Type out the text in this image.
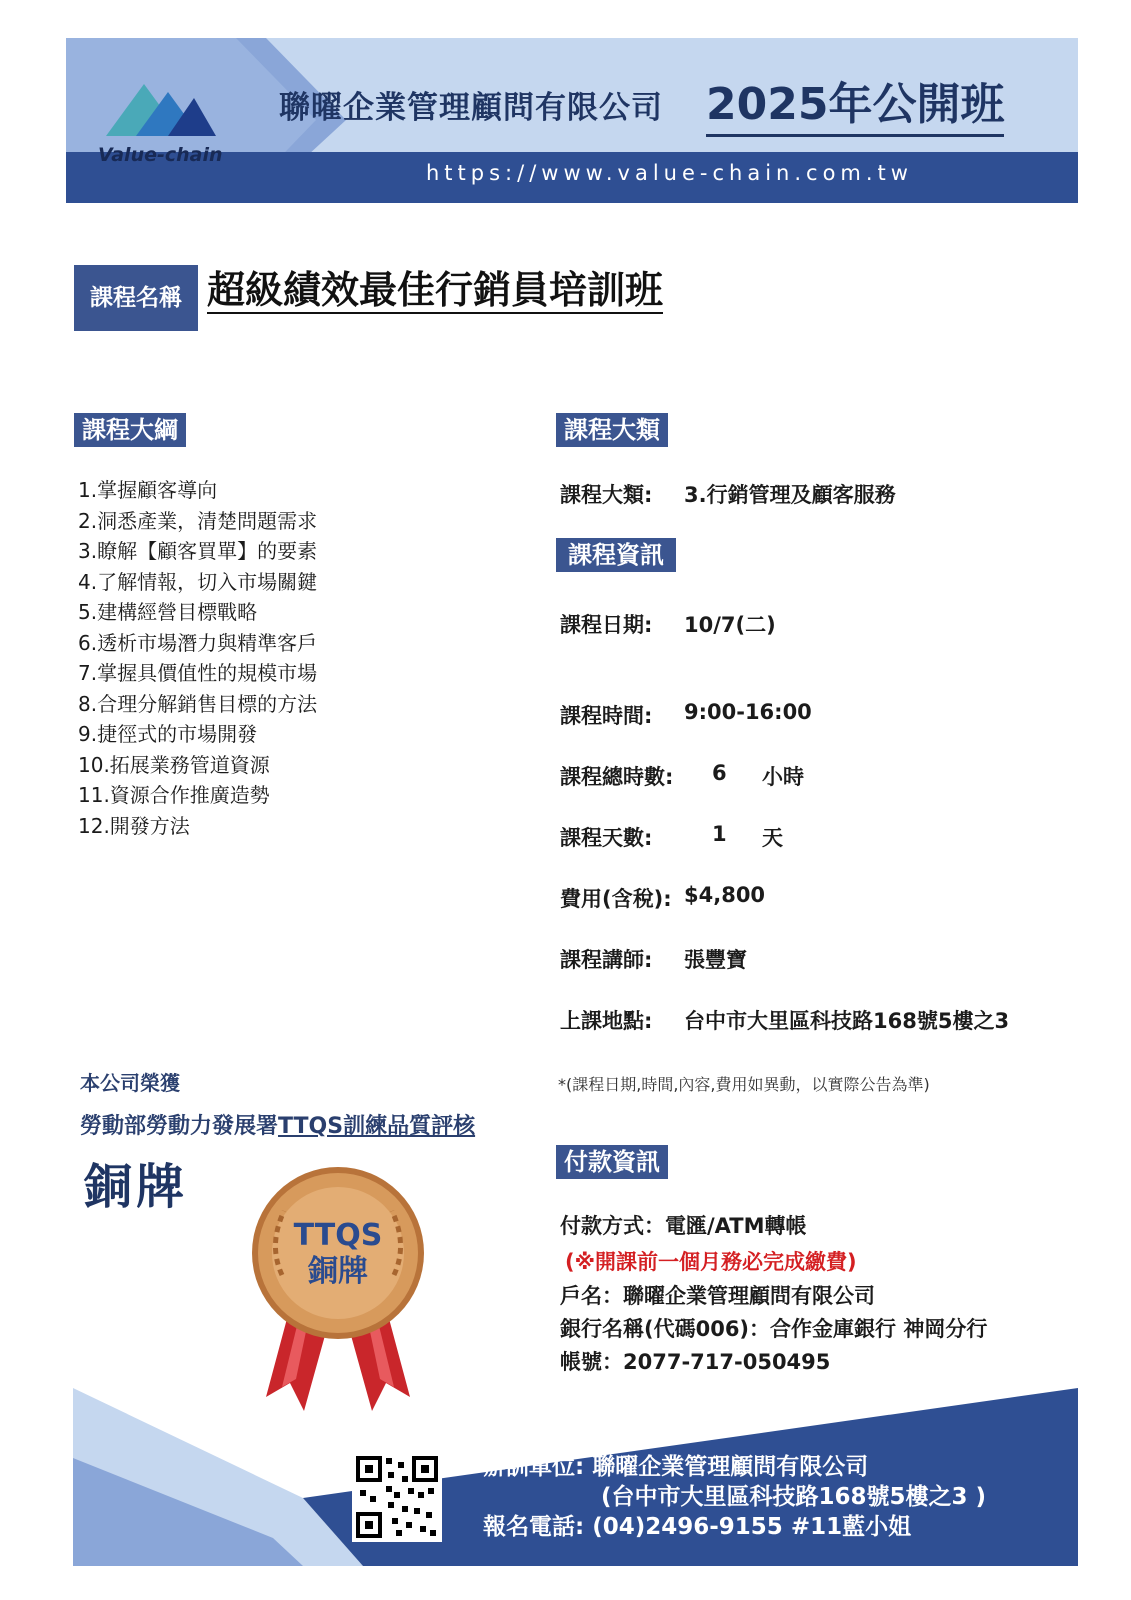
Value-chain
聯曜企業管理顧問有限公司 2025年公開班
https://www.value-chain.com.tw
課程名稱 超級績效最佳行銷員培訓班
課程大綱
1.掌握顧客導向
2.洞悉產業，清楚問題需求
3.瞭解【顧客買單】的要素
4.了解情報，切入市場關鍵
5.建構經營目標戰略
6.透析市場潛力與精準客戶
7.掌握具價值性的規模市場
8.合理分解銷售目標的方法
9.捷徑式的市場開發
10.拓展業務管道資源
11.資源合作推廣造勢
12.開發方法
課程大類
課程大類: 3.行銷管理及顧客服務
課程資訊
課程日期: 10/7(二)
課程時間: 9:00-16:00
課程總時數: 6 小時
課程天數:	1 天
費用(含稅): $4,800
課程講師: 張豐寶
上課地點: 台中市大里區科技路168號5樓之3
*(課程日期,時間,內容,費用如異動，以實際公告為準)
本公司榮獲
勞動部勞動力發展署TTQS訓練品質評核
銅牌
TTQS
銅牌
付款資訊
付款方式：電匯/ATM轉帳
(※開課前一個月務必完成繳費)
戶名：聯曜企業管理顧問有限公司
銀行名稱(代碼006)：合作金庫銀行 神岡分行
帳號：2077-717-050495
辦訓單位: 聯曜企業管理顧問有限公司
(台中市大里區科技路168號5樓之3 )
報名電話: (04)2496-9155 #11藍小姐
